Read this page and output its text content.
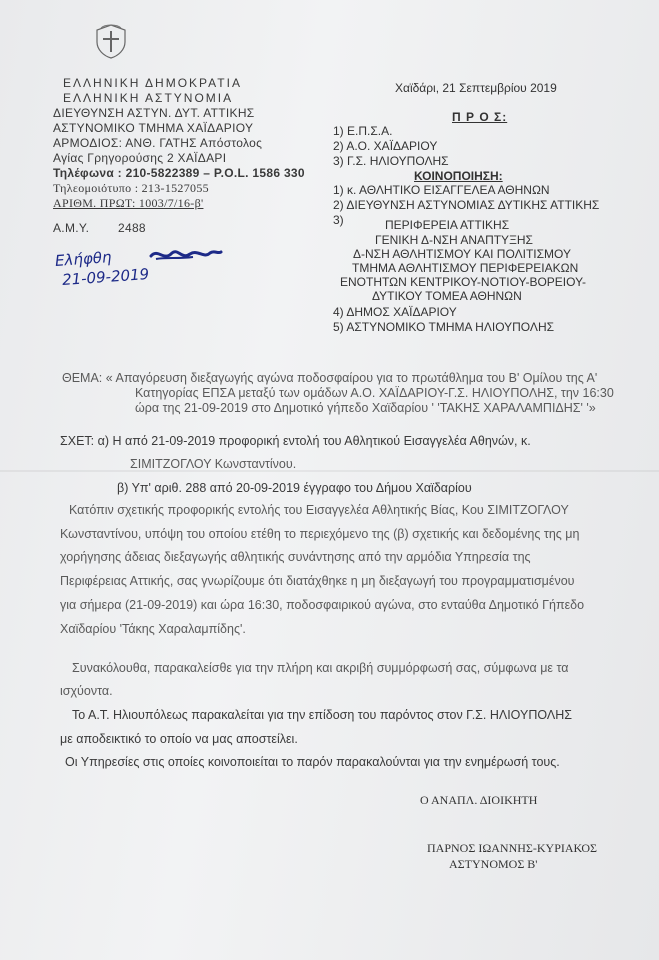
ΕΛΛΗΝΙΚΗ ΔΗΜΟΚΡΑΤΙΑ
ΕΛΛΗΝΙΚΗ ΑΣΤΥΝΟΜΙΑ
ΔΙΕΥΘΥΝΣΗ ΑΣΤΥΝ. ΔΥΤ. ΑΤΤΙΚΗΣ
ΑΣΤΥΝΟΜΙΚΟ ΤΜΗΜΑ ΧΑΪΔΑΡΙΟΥ
ΑΡΜΟΔΙΟΣ: ΑΝΘ. ΓΑΤΗΣ Απόστολος
Αγίας Γρηγορούσης 2 ΧΑΪΔΑΡΙ
Τηλέφωνα : 210-5822389 – P.O.L. 1586 330
Τηλεομοιότυπο : 213-1527055
ΑΡΙΘΜ. ΠΡΩΤ: 1003/7/16-β'
Α.Μ.Υ. 2488
Ελήφθη
21-09-2019
Χαϊδάρι, 21 Σεπτεμβρίου 2019
Π Ρ Ο Σ:
1) Ε.Π.Σ.Α.
2) Α.Ο. ΧΑΪΔΑΡΙΟΥ
3) Γ.Σ. ΗΛΙΟΥΠΟΛΗΣ
ΚΟΙΝΟΠΟΙΗΣΗ:
1) κ. ΑΘΛΗΤΙΚΟ ΕΙΣΑΓΓΕΛΕΑ ΑΘΗΝΩΝ
2) ΔΙΕΥΘΥΝΣΗ ΑΣΤΥΝΟΜΙΑΣ ΔΥΤΙΚΗΣ ΑΤΤΙΚΗΣ
3)	ΠΕΡΙΦΕΡΕΙΑ ΑΤΤΙΚΗΣ
ΓΕΝΙΚΗ Δ-ΝΣΗ ΑΝΑΠΤΥΞΗΣ
Δ-ΝΣΗ ΑΘΛΗΤΙΣΜΟΥ ΚΑΙ ΠΟΛΙΤΙΣΜΟΥ
ΤΜΗΜΑ ΑΘΛΗΤΙΣΜΟΥ ΠΕΡΙΦΕΡΕΙΑΚΩΝ
ΕΝΟΤΗΤΩΝ ΚΕΝΤΡΙΚΟΥ-ΝΟΤΙΟΥ-ΒΟΡΕΙΟΥ-
ΔΥΤΙΚΟΥ ΤΟΜΕΑ ΑΘΗΝΩΝ
4) ΔΗΜΟΣ ΧΑΪΔΑΡΙΟΥ
5) ΑΣΤΥΝΟΜΙΚΟ ΤΜΗΜΑ ΗΛΙΟΥΠΟΛΗΣ
ΘΕΜΑ: « Απαγόρευση διεξαγωγής αγώνα ποδοσφαίρου για το πρωτάθλημα του Β' Ομίλου της Α'
Κατηγορίας ΕΠΣΑ μεταξύ των ομάδων Α.Ο. ΧΑΪΔΑΡΙΟΥ-Γ.Σ. ΗΛΙΟΥΠΟΛΗΣ, την 16:30
ώρα της 21-09-2019 στο Δημοτικό γήπεδο Χαϊδαρίου ' 'ΤΑΚΗΣ ΧΑΡΑΛΑΜΠΙΔΗΣ' '»
ΣΧΕΤ: α) Η από 21-09-2019 προφορική εντολή του Αθλητικού Εισαγγελέα Αθηνών, κ.
ΣΙΜΙΤΖΟΓΛΟΥ Κωνσταντίνου.
β) Υπ' αριθ. 288 από 20-09-2019 έγγραφο του Δήμου Χαϊδαρίου
Κατόπιν σχετικής προφορικής εντολής του Εισαγγελέα Αθλητικής Βίας, Κου ΣΙΜΙΤΖΟΓΛΟΥ
Κωνσταντίνου, υπόψη του οποίου ετέθη το περιεχόμενο της (β) σχετικής και δεδομένης της μη
χορήγησης άδειας διεξαγωγής αθλητικής συνάντησης από την αρμόδια Υπηρεσία της
Περιφέρειας Αττικής, σας γνωρίζουμε ότι διατάχθηκε η μη διεξαγωγή του προγραμματισμένου
για σήμερα (21-09-2019) και ώρα 16:30, ποδοσφαιρικού αγώνα, στο ενταύθα Δημοτικό Γήπεδο
Χαϊδαρίου 'Τάκης Χαραλαμπίδης'.
Συνακόλουθα, παρακαλείσθε για την πλήρη και ακριβή συμμόρφωσή σας, σύμφωνα με τα
ισχύοντα.
Το Α.Τ. Ηλιουπόλεως παρακαλείται για την επίδοση του παρόντος στον Γ.Σ. ΗΛΙΟΥΠΟΛΗΣ
με αποδεικτικό το οποίο να μας αποστείλει.
Οι Υπηρεσίες στις οποίες κοινοποιείται το παρόν παρακαλούνται για την ενημέρωσή τους.
Ο ΑΝΑΠΛ. ΔΙΟΙΚΗΤΗ
ΠΑΡΝΟΣ ΙΩΑΝΝΗΣ-ΚΥΡΙΑΚΟΣ
ΑΣΤΥΝΟΜΟΣ Β'
